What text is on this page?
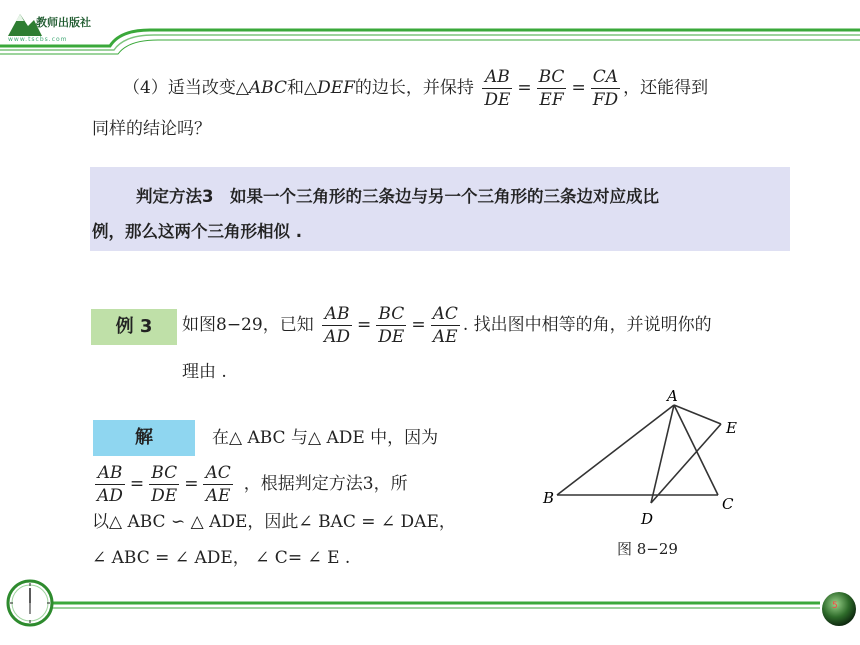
教师出版社
www.tscbs.com
（4）适当改变△ABC和△DEF的边长，并保持 $\frac{AB}{DE} = \frac{BC}{EF} = \frac{CA}{FD}$ ，还能得到
同样的结论吗？
判定方法3　如果一个三角形的三条边与另一个三角形的三条边对应成比
例，那么这两个三角形相似 .
例 3	如图8−29，已知 $\frac{AB}{AD} = \frac{BC}{DE} = \frac{AC}{AE}$ . 找出图中相等的角，并说明你的
理由 .
解	在△ ABC 与△ ADE 中，因为
$\frac{AB}{AD} = \frac{BC}{DE} = \frac{AC}{AE}$ ，根据判定方法3，所
以△ ABC ∽ △ ADE，因此∠ BAC = ∠ DAE，
∠ ABC = ∠ ADE， ∠ C= ∠ E .
A
B	C
D
E
图 8−29
5
